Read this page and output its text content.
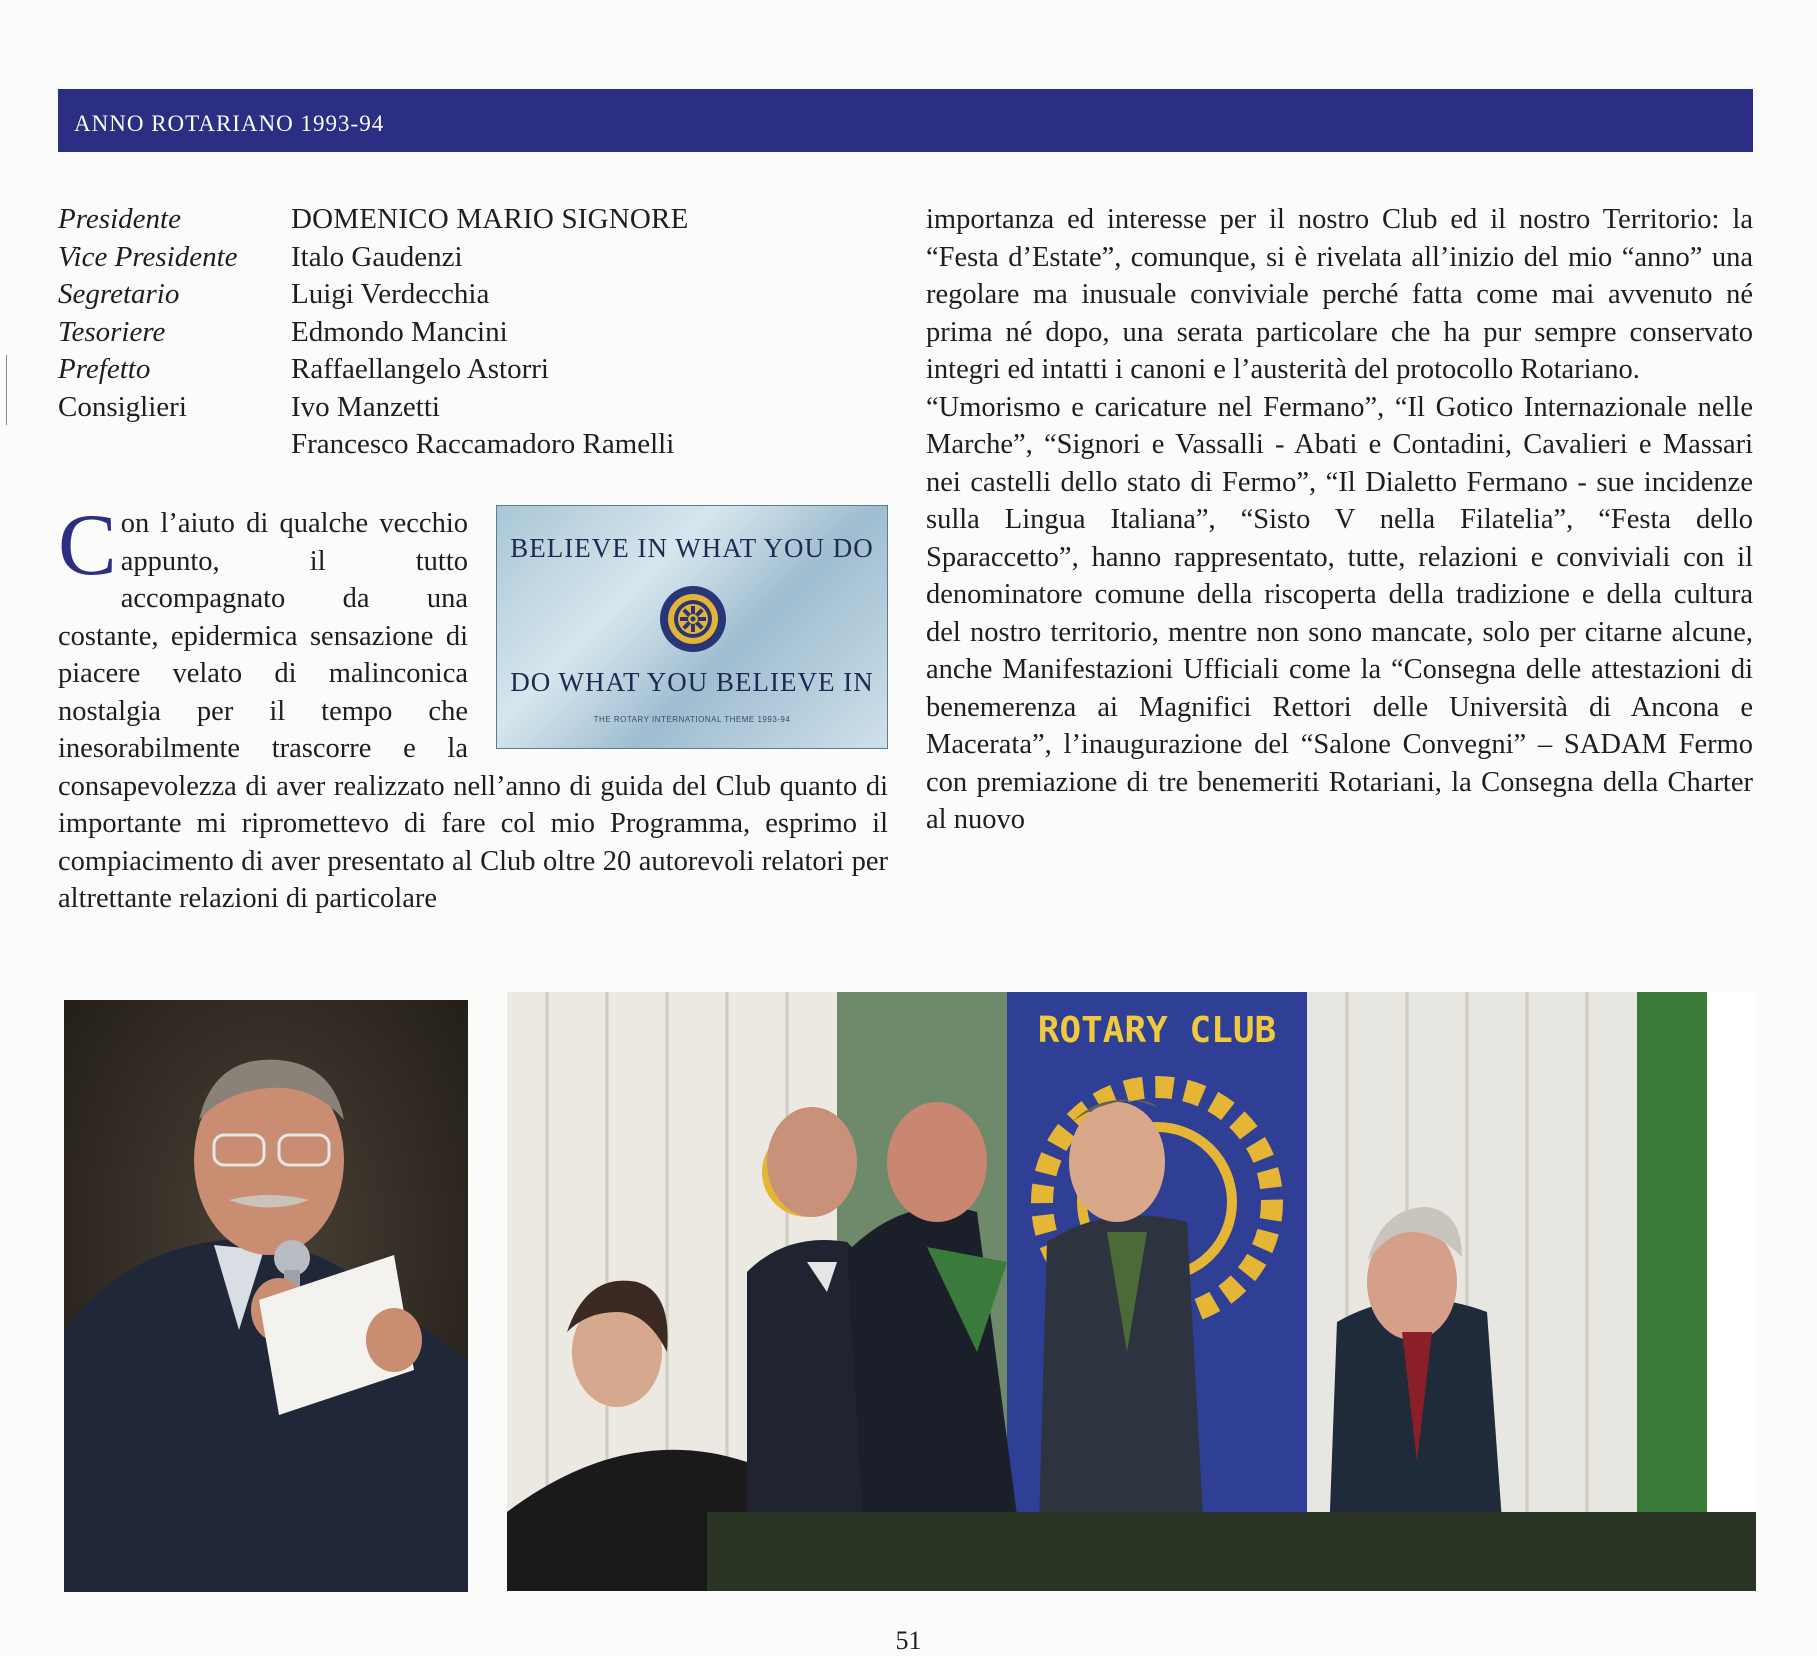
ANNO ROTARIANO 1993-94
Presidente	DOMENICO MARIO SIGNORE
Vice Presidente	Italo Gaudenzi
Segretario	Luigi Verdecchia
Tesoriere	Edmondo Mancini
Prefetto	Raffaellangelo Astorri
Consiglieri	Ivo Manzetti
Francesco Raccamadoro Ramelli
BELIEVE IN WHAT YOU DO
DO WHAT YOU BELIEVE IN
THE ROTARY INTERNATIONAL THEME 1993-94
C on l’aiuto di qualche vecchio appunto, il tutto accompagnato da una costante, epidermica sensazione di piacere velato di malinconica nostalgia per il tempo che inesorabilmente trascorre e la consapevolezza di aver realizzato nell’anno di guida del Club quanto di importante mi ripromettevo di fare col mio Programma, esprimo il compiacimento di aver presentato al Club oltre 20 autorevoli relatori per altrettante relazioni di particolare
importanza ed interesse per il nostro Club ed il nostro Territorio: la “Festa d’Estate”, comunque, si è rivelata all’inizio del mio “anno” una regolare ma inusuale conviviale perché fatta come mai avvenuto né prima né dopo, una serata particolare che ha pur sempre conservato integri ed intatti i canoni e l’austerità del protocollo Rotariano.
“Umorismo e caricature nel Fermano”, “Il Gotico Internazionale nelle Marche”, “Signori e Vassalli - Abati e Contadini, Cavalieri e Massari nei castelli dello stato di Fermo”, “Il Dialetto Fermano - sue incidenze sulla Lingua Italiana”, “Sisto V nella Filatelia”, “Festa dello Sparaccetto”, hanno rappresentato, tutte, relazioni e conviviali con il denominatore comune della riscoperta della tradizione e della cultura del nostro territorio, mentre non sono mancate, solo per citarne alcune, anche Manifestazioni Ufficiali come la “Consegna delle attestazioni di benemerenza ai Magnifici Rettori delle Università di Ancona e Macerata”, l’inaugurazione del “Salone Convegni” – SADAM Fermo con premiazione di tre benemeriti Rotariani, la Consegna della Charter al nuovo
ROTARY CLUB
51
